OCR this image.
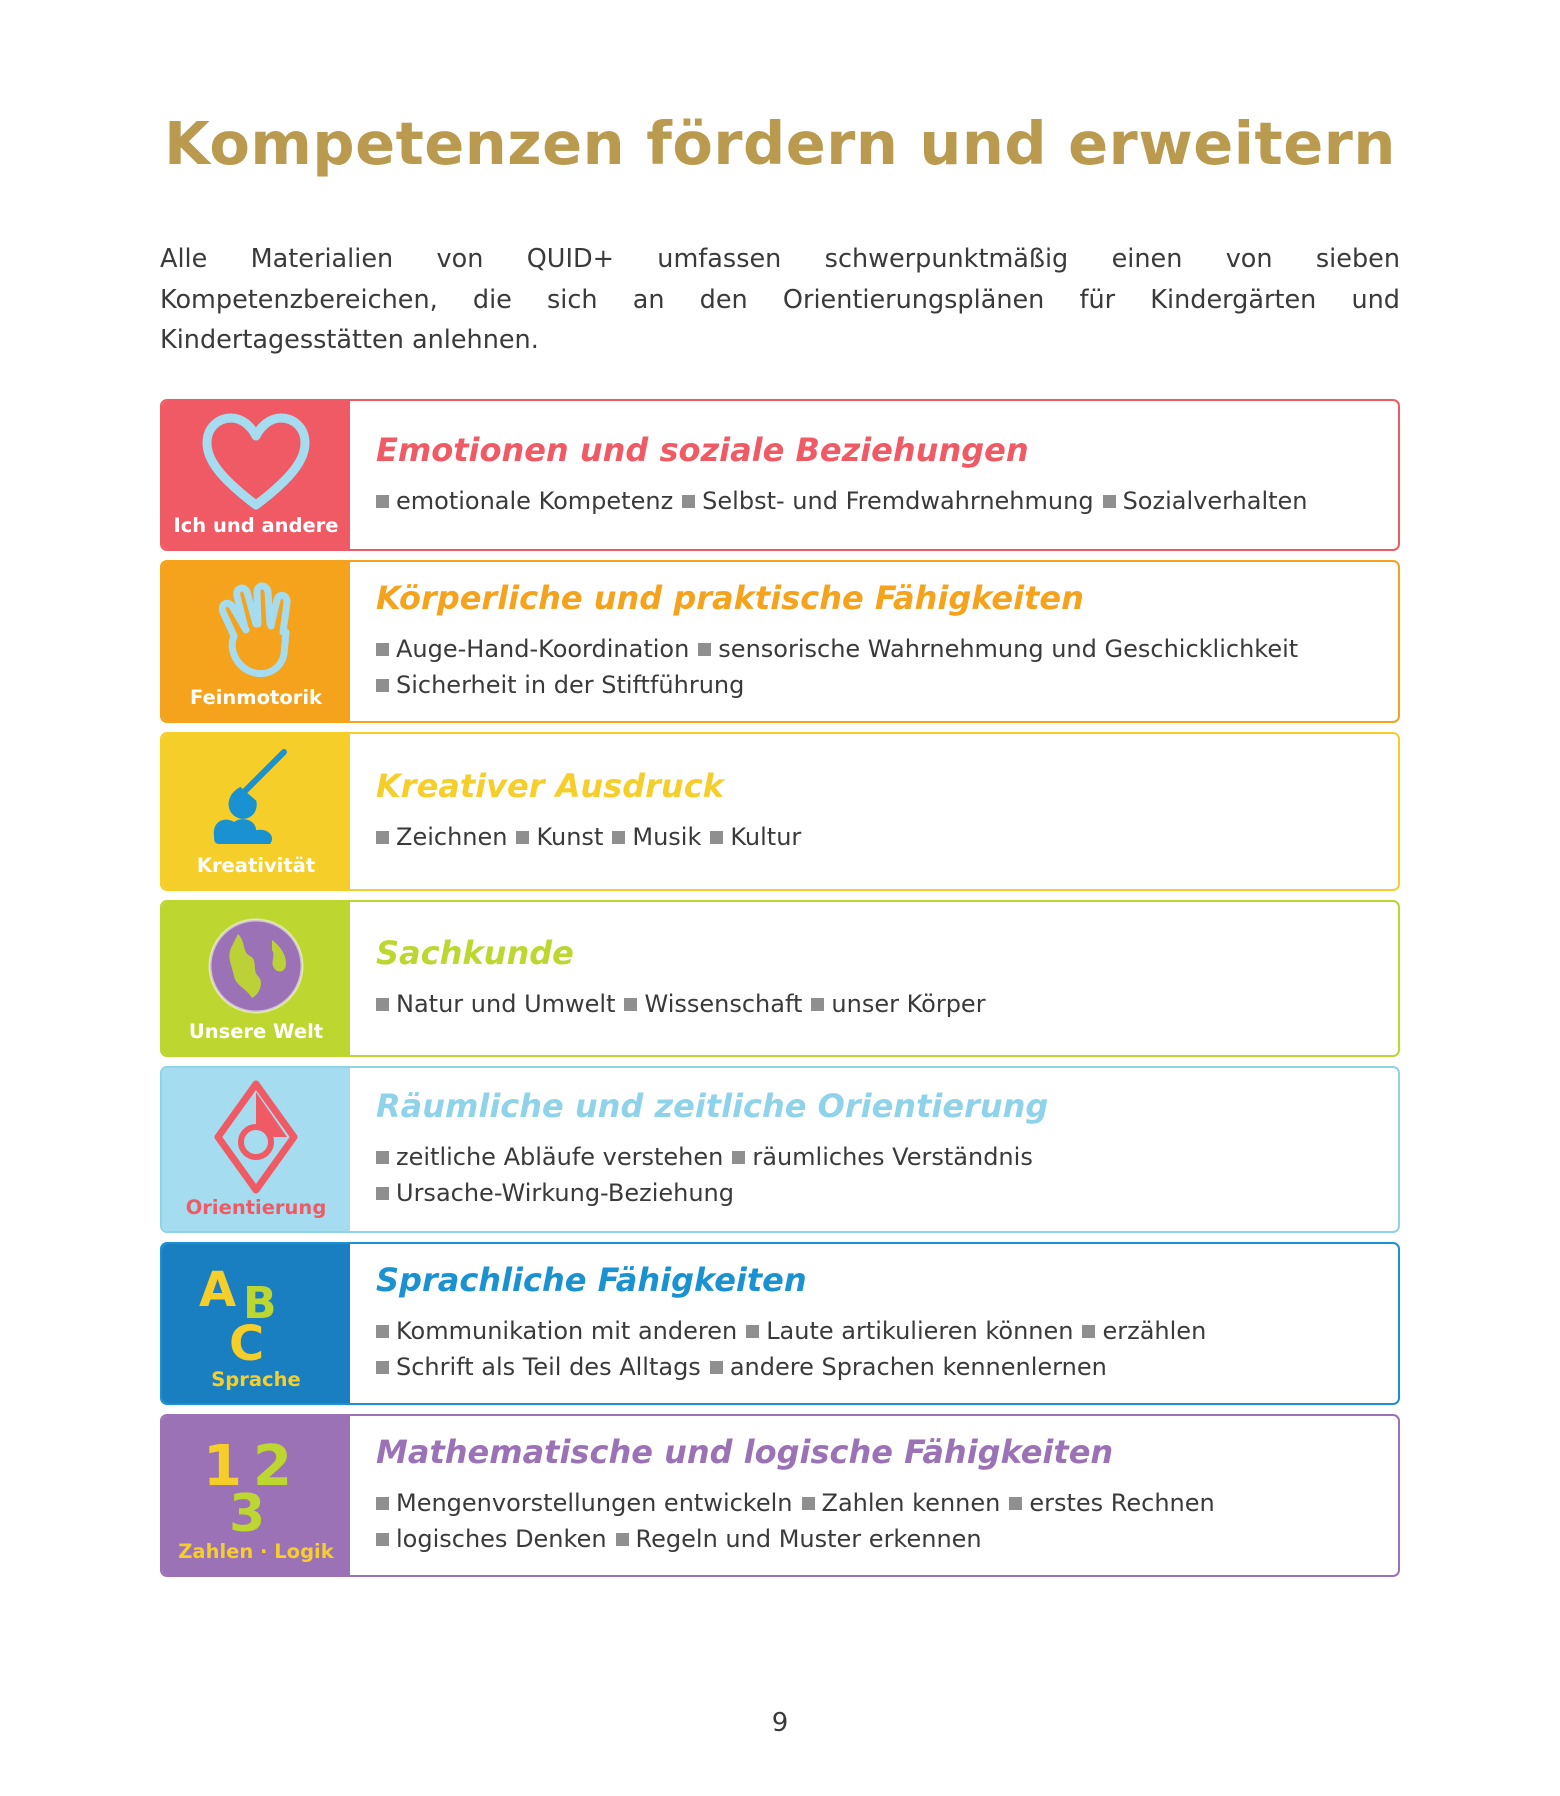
Kompetenzen fördern und erweitern

Alle Materialien von QUID+ umfassen schwerpunktmäßig einen von sieben Kompetenzbereichen, die sich an den Orientierungsplänen für Kindergärten und Kindertagesstätten anlehnen.

Ich und andere
Emotionen und soziale Beziehungen
emotionale Kompetenz Selbst- und Fremdwahrnehmung Sozialverhalten
Feinmotorik
Körperliche und praktische Fähigkeiten
Auge-Hand-Koordination sensorische Wahrnehmung und GeschicklichkeitSicherheit in der Stiftführung
Kreativität
Kreativer Ausdruck
Zeichnen Kunst Musik Kultur
Unsere Welt
Sachkunde
Natur und Umwelt Wissenschaft unser Körper
Orientierung
Räumliche und zeitliche Orientierung
zeitliche Abläufe verstehen räumliches VerständnisUrsache-Wirkung-Beziehung
A B
C
Sprache
Sprachliche Fähigkeiten
Kommunikation mit anderen Laute artikulieren können erzählenSchrift als Teil des Alltags andere Sprachen kennenlernen
1 2
3
Zahlen · Logik
Mathematische und logische Fähigkeiten
Mengenvorstellungen entwickeln Zahlen kennen erstes Rechnenlogisches Denken Regeln und Muster erkennen
9
